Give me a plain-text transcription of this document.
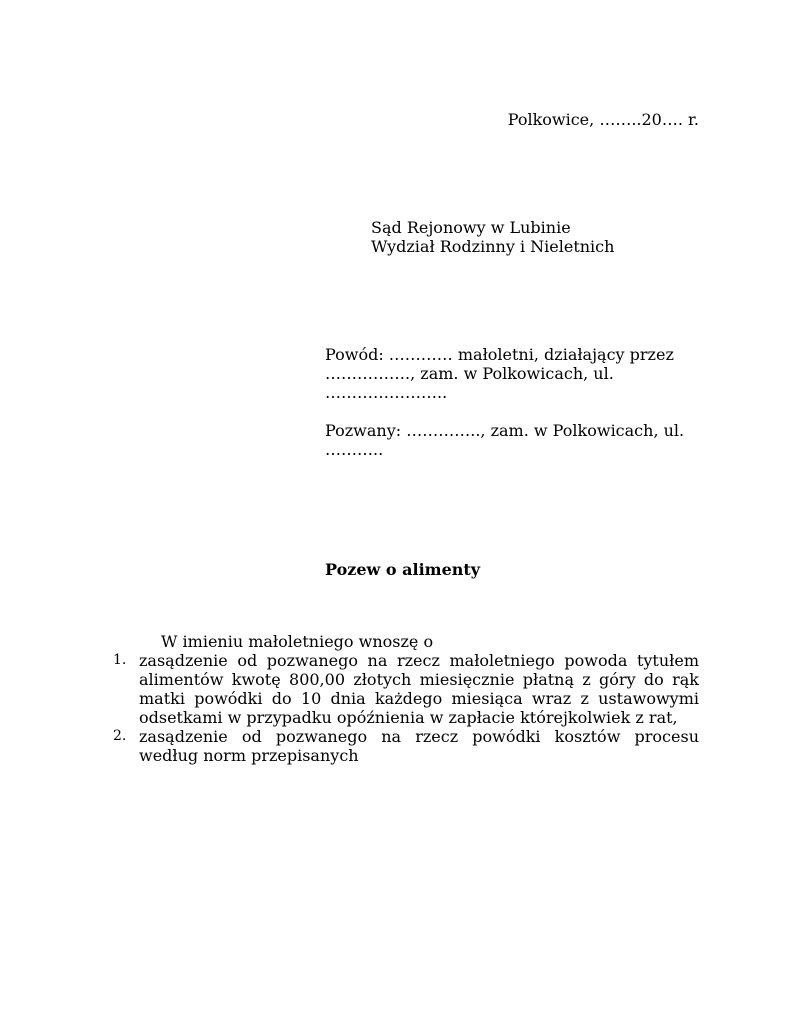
Polkowice, ……..20…. r.
Sąd Rejonowy w Lubinie
Wydział Rodzinny i Nieletnich
Powód: ………… małoletni, działający przez ……………., zam. w Polkowicach, ul. …………………..
Pozwany: ………….., zam. w Polkowicach, ul. ………..
Pozew o alimenty
W imieniu małoletniego wnoszę o
1. zasądzenie od pozwanego na rzecz małoletniego powoda tytułem alimentów kwotę 800,00 złotych miesięcznie płatną z góry do rąk matki powódki do 10 dnia każdego miesiąca wraz z ustawowymi odsetkami w przypadku opóźnienia w zapłacie którejkolwiek z rat,
2. zasądzenie od pozwanego na rzecz powódki kosztów procesu według norm przepisanych
